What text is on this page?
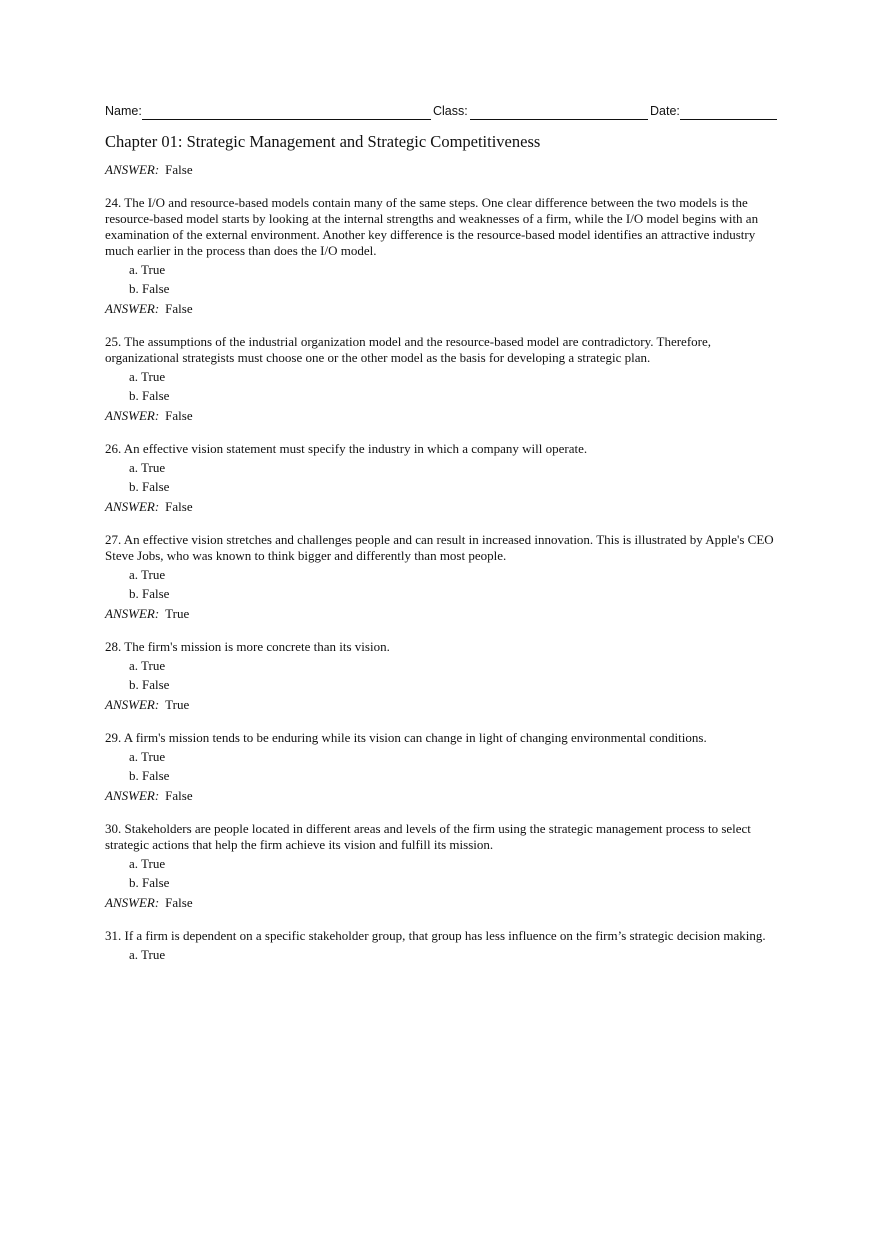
Name:	Class:	Date:
Chapter 01: Strategic Management and Strategic Competitiveness
ANSWER: False
24. The I/O and resource-based models contain many of the same steps. One clear difference between the two models is the resource-based model starts by looking at the internal strengths and weaknesses of a firm, while the I/O model begins with an examination of the external environment. Another key difference is the resource-based model identifies an attractive industry much earlier in the process than does the I/O model.
a. True
b. False
ANSWER: False
25. The assumptions of the industrial organization model and the resource-based model are contradictory. Therefore, organizational strategists must choose one or the other model as the basis for developing a strategic plan.
a. True
b. False
ANSWER: False
26. An effective vision statement must specify the industry in which a company will operate.
a. True
b. False
ANSWER: False
27. An effective vision stretches and challenges people and can result in increased innovation. This is illustrated by Apple's CEO Steve Jobs, who was known to think bigger and differently than most people.
a. True
b. False
ANSWER: True
28. The firm's mission is more concrete than its vision.
a. True
b. False
ANSWER: True
29. A firm's mission tends to be enduring while its vision can change in light of changing environmental conditions.
a. True
b. False
ANSWER: False
30. Stakeholders are people located in different areas and levels of the firm using the strategic management process to select strategic actions that help the firm achieve its vision and fulfill its mission.
a. True
b. False
ANSWER: False
31. If a firm is dependent on a specific stakeholder group, that group has less influence on the firm’s strategic decision making.
a. True
